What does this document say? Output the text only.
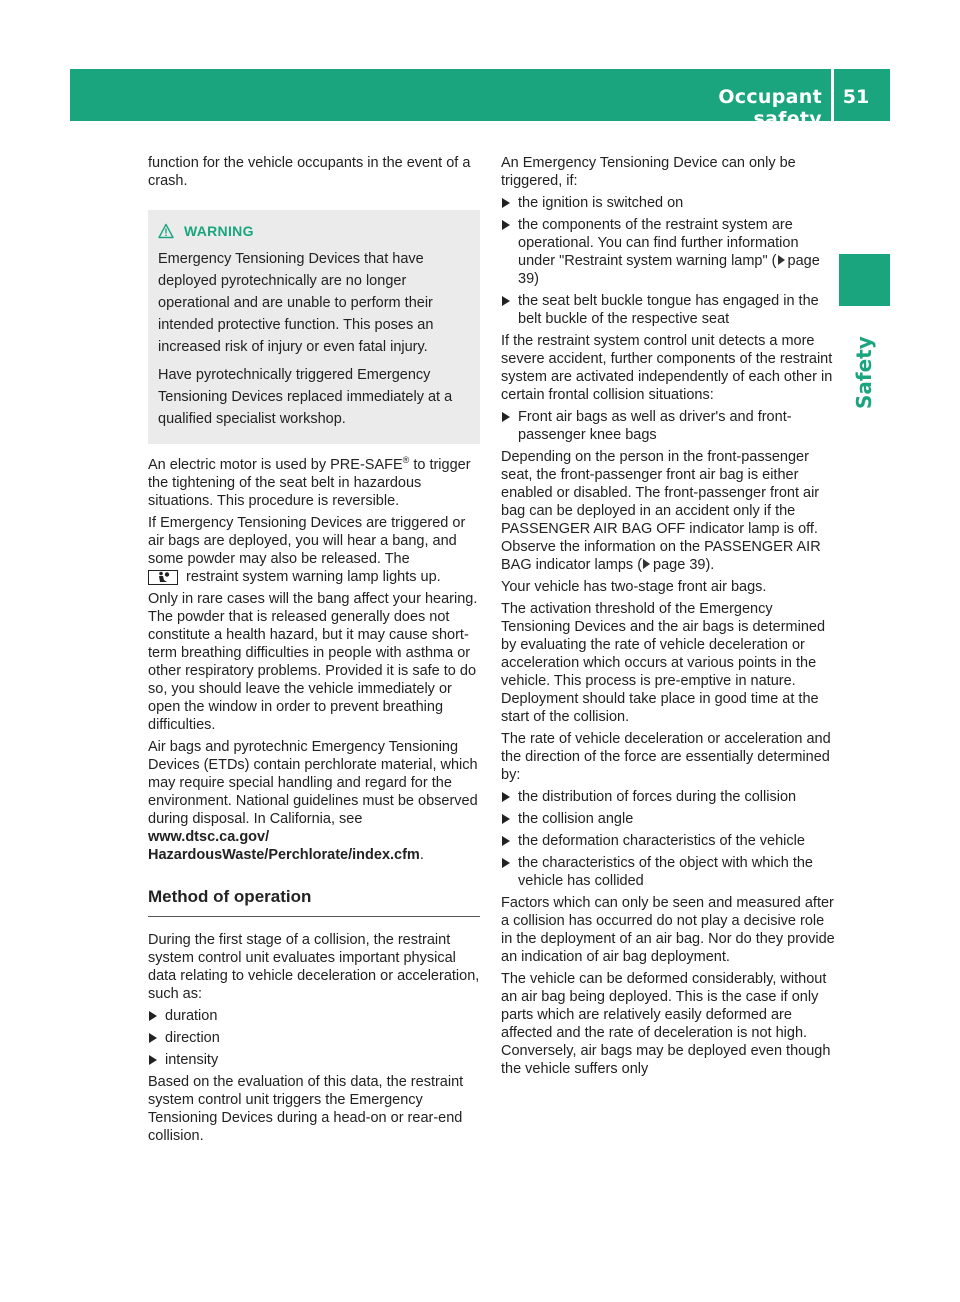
Occupant safety
51
Safety

function for the vehicle occupants in the event of a crash.

WARNING

Emergency Tensioning Devices that have deployed pyrotechnically are no longer operational and are unable to perform their intended protective function. This poses an increased risk of injury or even fatal injury.

Have pyrotechnically triggered Emergency Tensioning Devices replaced immediately at a qualified specialist workshop.

An electric motor is used by PRE-SAFE® to trigger the tightening of the seat belt in hazardous situations. This procedure is reversible.

If Emergency Tensioning Devices are triggered or air bags are deployed, you will hear a bang, and some powder may also be released. The
restraint system warning lamp lights up.

Only in rare cases will the bang affect your hearing. The powder that is released generally does not constitute a health hazard, but it may cause short-term breathing difficulties in people with asthma or other respiratory problems. Provided it is safe to do so, you should leave the vehicle immediately or open the window in order to prevent breathing difficulties.

Air bags and pyrotechnic Emergency Tensioning Devices (ETDs) contain perchlorate material, which may require special handling and regard for the environment. National guidelines must be observed during disposal. In California, see www.dtsc.ca.gov/ HazardousWaste/Perchlorate/index.cfm.

Method of operation

During the first stage of a collision, the restraint system control unit evaluates important physical data relating to vehicle deceleration or acceleration, such as:

duration
direction
intensity

Based on the evaluation of this data, the restraint system control unit triggers the Emergency Tensioning Devices during a head-on or rear-end collision.

An Emergency Tensioning Device can only be triggered, if:

the ignition is switched on
the components of the restraint system are operational. You can find further information under "Restraint system warning lamp" ( page 39)
the seat belt buckle tongue has engaged in the belt buckle of the respective seat

If the restraint system control unit detects a more severe accident, further components of the restraint system are activated independently of each other in certain frontal collision situations:

Front air bags as well as driver's and front-passenger knee bags

Depending on the person in the front-passenger seat, the front-passenger front air bag is either enabled or disabled. The front-passenger front air bag can be deployed in an accident only if the PASSENGER AIR BAG OFF indicator lamp is off. Observe the information on the PASSENGER AIR BAG indicator lamps ( page 39).

Your vehicle has two-stage front air bags.

The activation threshold of the Emergency Tensioning Devices and the air bags is determined by evaluating the rate of vehicle deceleration or acceleration which occurs at various points in the vehicle. This process is pre-emptive in nature. Deployment should take place in good time at the start of the collision.

The rate of vehicle deceleration or acceleration and the direction of the force are essentially determined by:

the distribution of forces during the collision
the collision angle
the deformation characteristics of the vehicle
the characteristics of the object with which the vehicle has collided

Factors which can only be seen and measured after a collision has occurred do not play a decisive role in the deployment of an air bag. Nor do they provide an indication of air bag deployment.

The vehicle can be deformed considerably, without an air bag being deployed. This is the case if only parts which are relatively easily deformed are affected and the rate of deceleration is not high. Conversely, air bags may be deployed even though the vehicle suffers only
